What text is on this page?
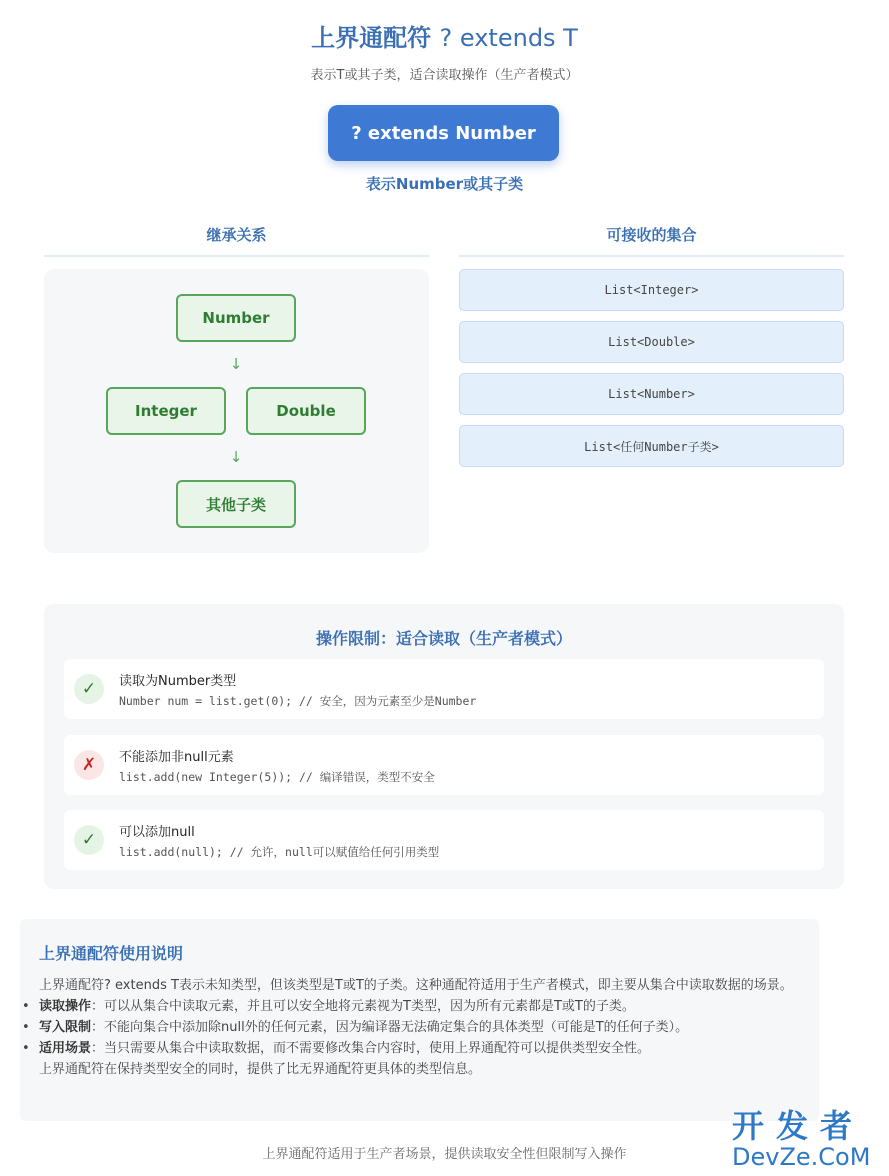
上界通配符 ? extends T
表示T或其子类，适合读取操作（生产者模式）
? extends Number
表示Number或其子类
继承关系	可接收的集合
Number
↓
Integer	Double
↓
其他子类
List<Integer>
List<Double>
List<Number>
List<任何Number子类>
操作限制：适合读取（生产者模式）
✓	读取为Number类型
Number num = list.get(0); // 安全，因为元素至少是Number
✗	不能添加非null元素
list.add(new Integer(5)); // 编译错误，类型不安全
✓	可以添加null
list.add(null); // 允许，null可以赋值给任何引用类型
上界通配符使用说明
上界通配符? extends T表示未知类型，但该类型是T或T的子类。这种通配符适用于生产者模式，即主要从集合中读取数据的场景。
• 读取操作：可以从集合中读取元素，并且可以安全地将元素视为T类型，因为所有元素都是T或T的子类。
• 写入限制：不能向集合中添加除null外的任何元素，因为编译器无法确定集合的具体类型（可能是T的任何子类）。
• 适用场景：当只需要从集合中读取数据，而不需要修改集合内容时，使用上界通配符可以提供类型安全性。
上界通配符在保持类型安全的同时，提供了比无界通配符更具体的类型信息。
上界通配符适用于生产者场景，提供读取安全性但限制写入操作
开发者
DevZe.CoM
